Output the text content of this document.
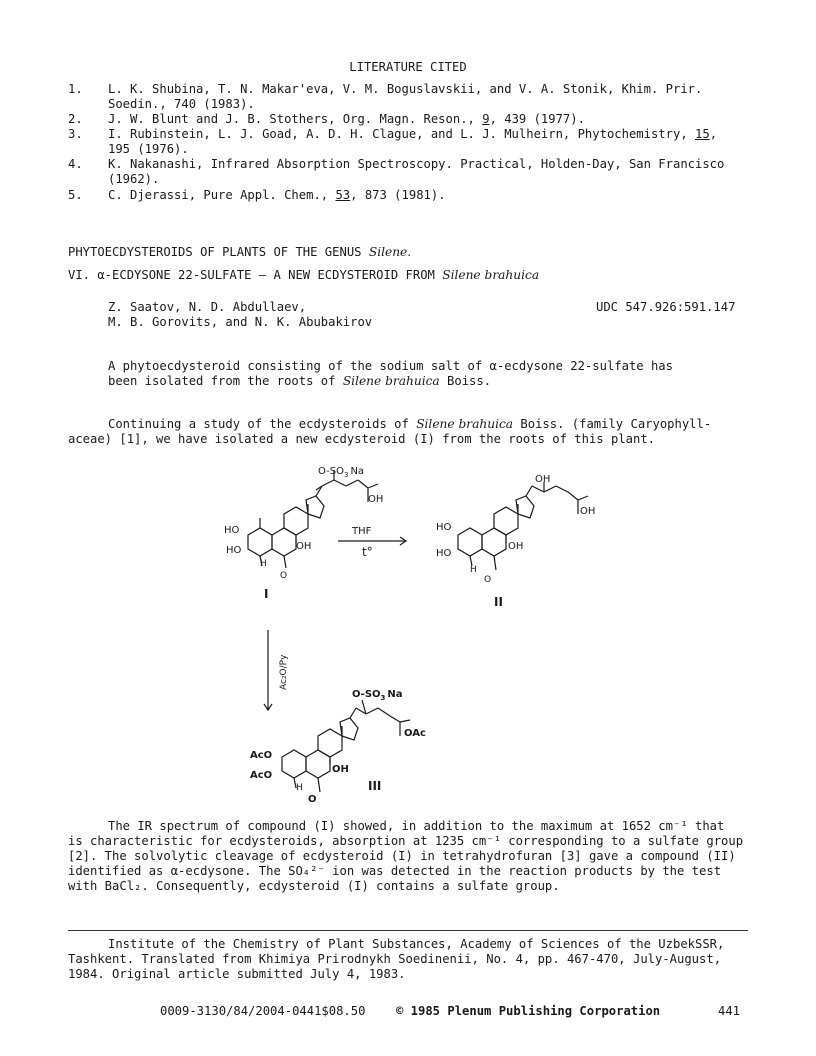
LITERATURE CITED
1. L. K. Shubina, T. N. Makar'eva, V. M. Boguslavskii, and V. A. Stonik, Khim. Prir.
Soedin., 740 (1983).
2. J. W. Blunt and J. B. Stothers, Org. Magn. Reson., 9, 439 (1977).
3. I. Rubinstein, L. J. Goad, A. D. H. Clague, and L. J. Mulheirn, Phytochemistry, 15,
195 (1976).
4. K. Nakanashi, Infrared Absorption Spectroscopy. Practical, Holden-Day, San Francisco
(1962).
5. C. Djerassi, Pure Appl. Chem., 53, 873 (1981).
PHYTOECDYSTEROIDS OF PLANTS OF THE GENUS Silene.
VI. α-ECDYSONE 22-SULFATE — A NEW ECDYSTEROID FROM Silene brahuica
Z. Saatov, N. D. Abdullaev,
M. B. Gorovits, and N. K. Abubakirov
UDC 547.926:591.147
A phytoecdysteroid consisting of the sodium salt of α-ecdysone 22-sulfate has
been isolated from the roots of Silene brahuica Boiss.
Continuing a study of the ecdysteroids of Silene brahuica Boiss. (family Caryophyll-
aceae) [1], we have isolated a new ecdysteroid (I) from the roots of this plant.
$O-SO_3$ Na
OH
HO
HO	OH
H
O
I
THF
t°
OH
OH
HO
HO
OH
H
O
II
Ac₂O/Py
$O-SO_3$ Na
OAc
AcO
AcO
OH
H
O
III
The IR spectrum of compound (I) showed, in addition to the maximum at 1652 cm⁻¹ that
is characteristic for ecdysteroids, absorption at 1235 cm⁻¹ corresponding to a sulfate group
[2]. The solvolytic cleavage of ecdysteroid (I) in tetrahydrofuran [3] gave a compound (II)
identified as α-ecdysone. The SO₄²⁻ ion was detected in the reaction products by the test
with BaCl₂. Consequently, ecdysteroid (I) contains a sulfate group.
Institute of the Chemistry of Plant Substances, Academy of Sciences of the UzbekSSR,
Tashkent. Translated from Khimiya Prirodnykh Soedinenii, No. 4, pp. 467-470, July-August,
1984. Original article submitted July 4, 1983.
0009-3130/84/2004-0441$08.50	© 1985 Plenum Publishing Corporation	441
